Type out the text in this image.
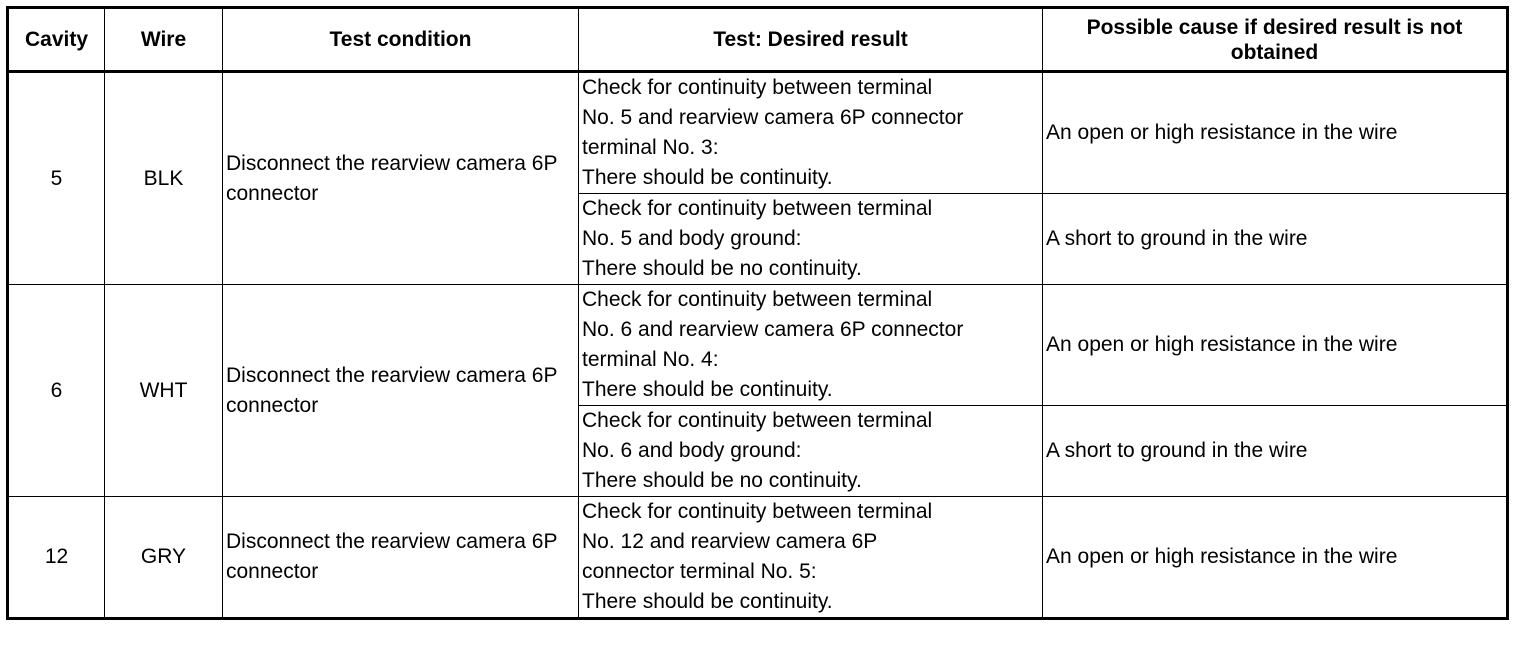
Cavity	Wire	Test condition	Test: Desired result	Possible cause if desired result is not obtained
5	BLK	Disconnect the rearview camera 6P connector	Check for continuity between terminal
No. 5 and rearview camera 6P connector
terminal No. 3:
There should be continuity.	An open or high resistance in the wire
			Check for continuity between terminal
No. 5 and body ground:
There should be no continuity.	A short to ground in the wire
6	WHT	Disconnect the rearview camera 6P connector	Check for continuity between terminal
No. 6 and rearview camera 6P connector
terminal No. 4:
There should be continuity.	An open or high resistance in the wire
			Check for continuity between terminal
No. 6 and body ground:
There should be no continuity.	A short to ground in the wire
12	GRY	Disconnect the rearview camera 6P connector	Check for continuity between terminal
No. 12 and rearview camera 6P
connector terminal No. 5:
There should be continuity.	An open or high resistance in the wire
